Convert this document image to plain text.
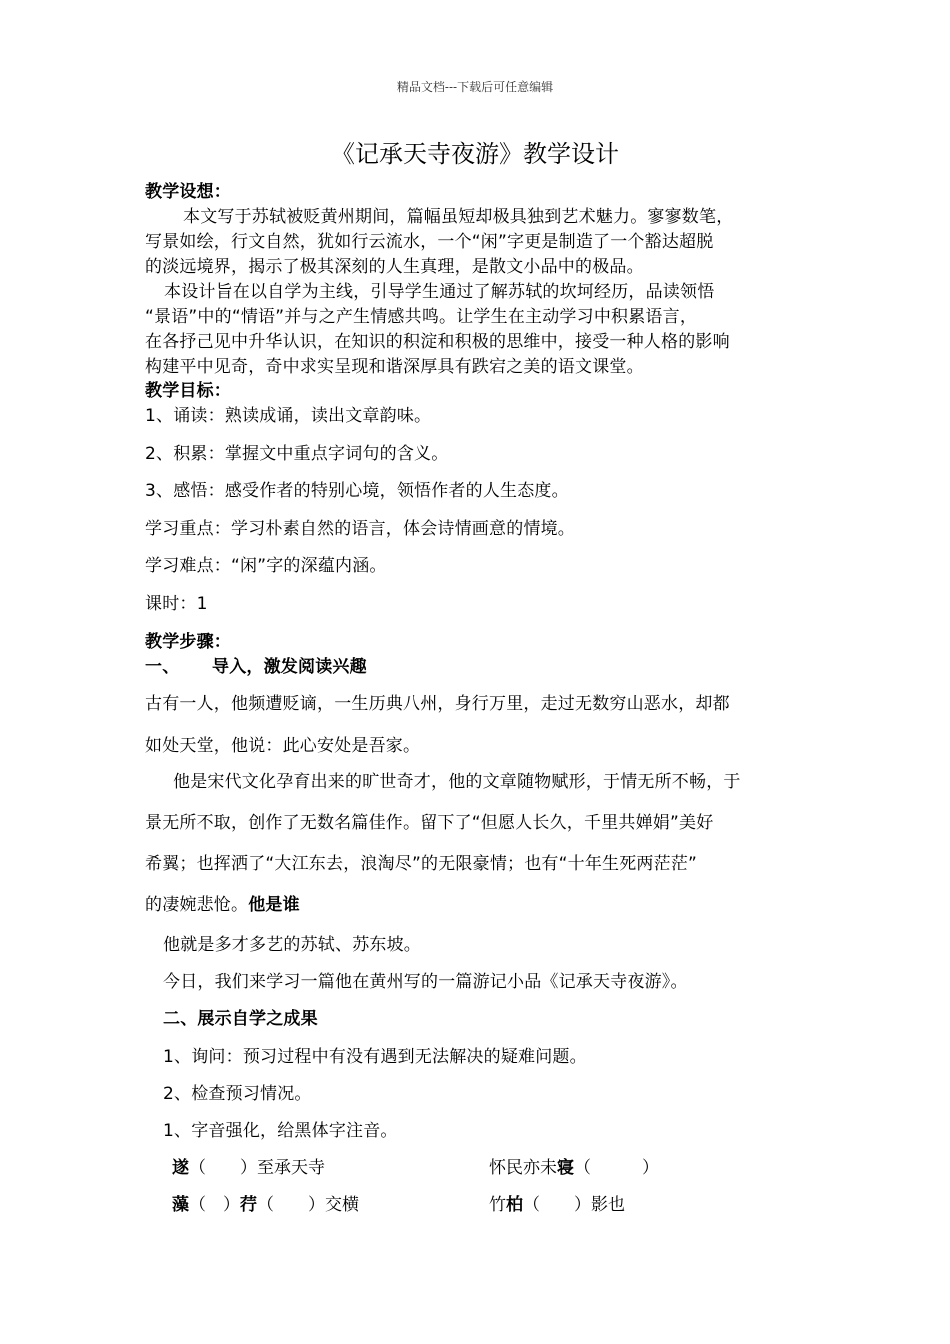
精品文档---下载后可任意编辑
《记承天寺夜游》教学设计
教学设想：
本文写于苏轼被贬黄州期间，篇幅虽短却极具独到艺术魅力。寥寥数笔，
写景如绘，行文自然，犹如行云流水，一个“闲”字更是制造了一个豁达超脱
的淡远境界，揭示了极其深刻的人生真理，是散文小品中的极品。
本设计旨在以自学为主线，引导学生通过了解苏轼的坎坷经历，品读领悟
“景语”中的“情语”并与之产生情感共鸣。让学生在主动学习中积累语言，
在各抒己见中升华认识，在知识的积淀和积极的思维中，接受一种人格的影响
构建平中见奇，奇中求实呈现和谐深厚具有跌宕之美的语文课堂。
教学目标：
1、诵读：熟读成诵，读出文章韵味。
2、积累：掌握文中重点字词句的含义。
3、感悟：感受作者的特别心境，领悟作者的人生态度。
学习重点：学习朴素自然的语言，体会诗情画意的情境。
学习难点：“闲”字的深蕴内涵。
课时：1
教学步骤：
一、 导入，激发阅读兴趣
古有一人，他频遭贬谪，一生历典八州，身行万里，走过无数穷山恶水，却都
如处天堂，他说：此心安处是吾家。
他是宋代文化孕育出来的旷世奇才，他的文章随物赋形，于情无所不畅，于
景无所不取，创作了无数名篇佳作。留下了“但愿人长久，千里共婵娟”美好
希翼；也挥洒了“大江东去，浪淘尽”的无限豪情；也有“十年生死两茫茫”
的凄婉悲怆。他是谁
他就是多才多艺的苏轼、苏东坡。
今日，我们来学习一篇他在黄州写的一篇游记小品《记承天寺夜游》。
二、展示自学之成果
1、询问：预习过程中有没有遇到无法解决的疑难问题。
2、检查预习情况。
1、字音强化，给黑体字注音。
遂（　　）至承天寺	怀民亦未寝（　　　）
藻（　）荇（　　）交横	竹柏（　　）影也
